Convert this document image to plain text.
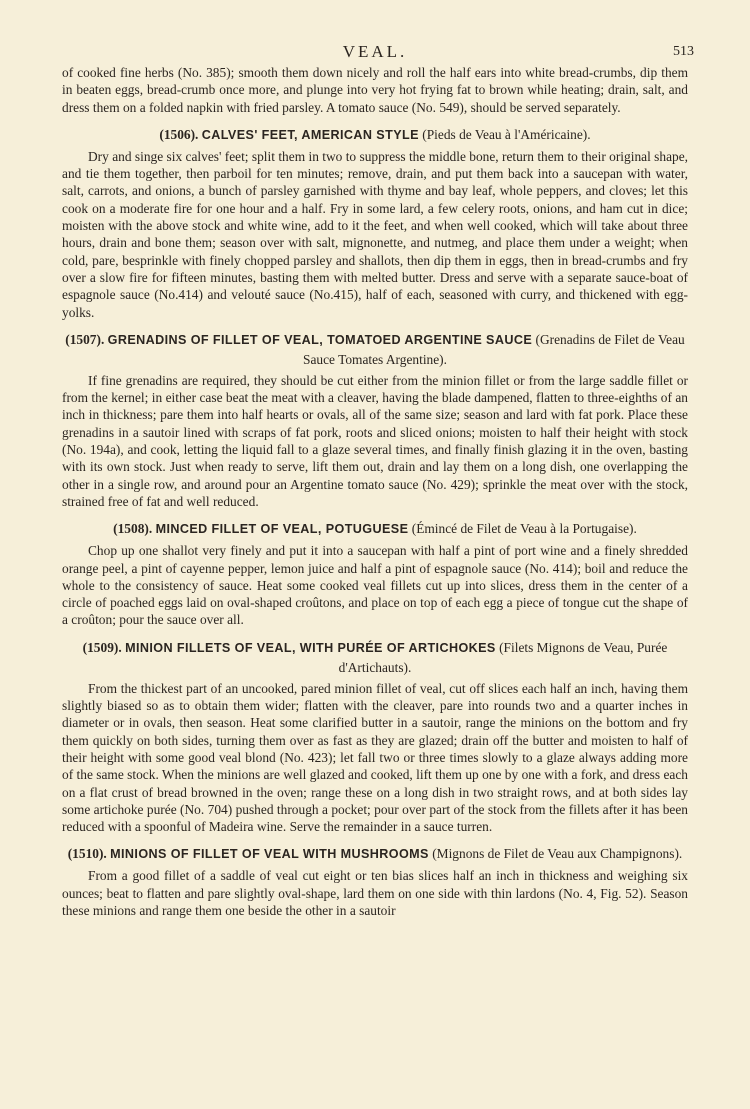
VEAL.	513

of cooked fine herbs (No. 385); smooth them down nicely and roll the half ears into white bread-crumbs, dip them in beaten eggs, bread-crumb once more, and plunge into very hot frying fat to brown while heating; drain, salt, and dress them on a folded napkin with fried parsley. A tomato sauce (No. 549), should be served separately.

(1506). CALVES' FEET, AMERICAN STYLE (Pieds de Veau à l'Américaine).

Dry and singe six calves' feet; split them in two to suppress the middle bone, return them to their original shape, and tie them together, then parboil for ten minutes; remove, drain, and put them back into a saucepan with water, salt, carrots, and onions, a bunch of parsley garnished with thyme and bay leaf, whole peppers, and cloves; let this cook on a moderate fire for one hour and a half. Fry in some lard, a few celery roots, onions, and ham cut in dice; moisten with the above stock and white wine, add to it the feet, and when well cooked, which will take about three hours, drain and bone them; season over with salt, mignonette, and nutmeg, and place them under a weight; when cold, pare, besprinkle with finely chopped parsley and shallots, then dip them in eggs, then in bread-crumbs and fry over a slow fire for fifteen minutes, basting them with melted butter. Dress and serve with a separate sauce-boat of espagnole sauce (No.414) and velouté sauce (No.415), half of each, seasoned with curry, and thickened with egg-yolks.

(1507). GRENADINS OF FILLET OF VEAL, TOMATOED ARGENTINE SAUCE (Grenadins de Filet de Veau Sauce Tomates Argentine).

If fine grenadins are required, they should be cut either from the minion fillet or from the large saddle fillet or from the kernel; in either case beat the meat with a cleaver, having the blade dampened, flatten to three-eighths of an inch in thickness; pare them into half hearts or ovals, all of the same size; season and lard with fat pork. Place these grenadins in a sautoir lined with scraps of fat pork, roots and sliced onions; moisten to half their height with stock (No. 194a), and cook, letting the liquid fall to a glaze several times, and finally finish glazing it in the oven, basting with its own stock. Just when ready to serve, lift them out, drain and lay them on a long dish, one overlapping the other in a single row, and around pour an Argentine tomato sauce (No. 429); sprinkle the meat over with the stock, strained free of fat and well reduced.

(1508). MINCED FILLET OF VEAL, POTUGUESE (Émincé de Filet de Veau à la Portugaise).

Chop up one shallot very finely and put it into a saucepan with half a pint of port wine and a finely shredded orange peel, a pint of cayenne pepper, lemon juice and half a pint of espagnole sauce (No. 414); boil and reduce the whole to the consistency of sauce. Heat some cooked veal fillets cut up into slices, dress them in the center of a circle of poached eggs laid on oval-shaped croûtons, and place on top of each egg a piece of tongue cut the shape of a croûton; pour the sauce over all.

(1509). MINION FILLETS OF VEAL, WITH PURÉE OF ARTICHOKES (Filets Mignons de Veau, Purée d'Artichauts).

From the thickest part of an uncooked, pared minion fillet of veal, cut off slices each half an inch, having them slightly biased so as to obtain them wider; flatten with the cleaver, pare into rounds two and a quarter inches in diameter or in ovals, then season. Heat some clarified butter in a sautoir, range the minions on the bottom and fry them quickly on both sides, turning them over as fast as they are glazed; drain off the butter and moisten to half of their height with some good veal blond (No. 423); let fall two or three times slowly to a glaze always adding more of the same stock. When the minions are well glazed and cooked, lift them up one by one with a fork, and dress each on a flat crust of bread browned in the oven; range these on a long dish in two straight rows, and at both sides lay some artichoke purée (No. 704) pushed through a pocket; pour over part of the stock from the fillets after it has been reduced with a spoonful of Madeira wine. Serve the remainder in a sauce turren.

(1510). MINIONS OF FILLET OF VEAL WITH MUSHROOMS (Mignons de Filet de Veau aux Champignons).

From a good fillet of a saddle of veal cut eight or ten bias slices half an inch in thickness and weighing six ounces; beat to flatten and pare slightly oval-shape, lard them on one side with thin lardons (No. 4, Fig. 52). Season these minions and range them one beside the other in a sautoir
